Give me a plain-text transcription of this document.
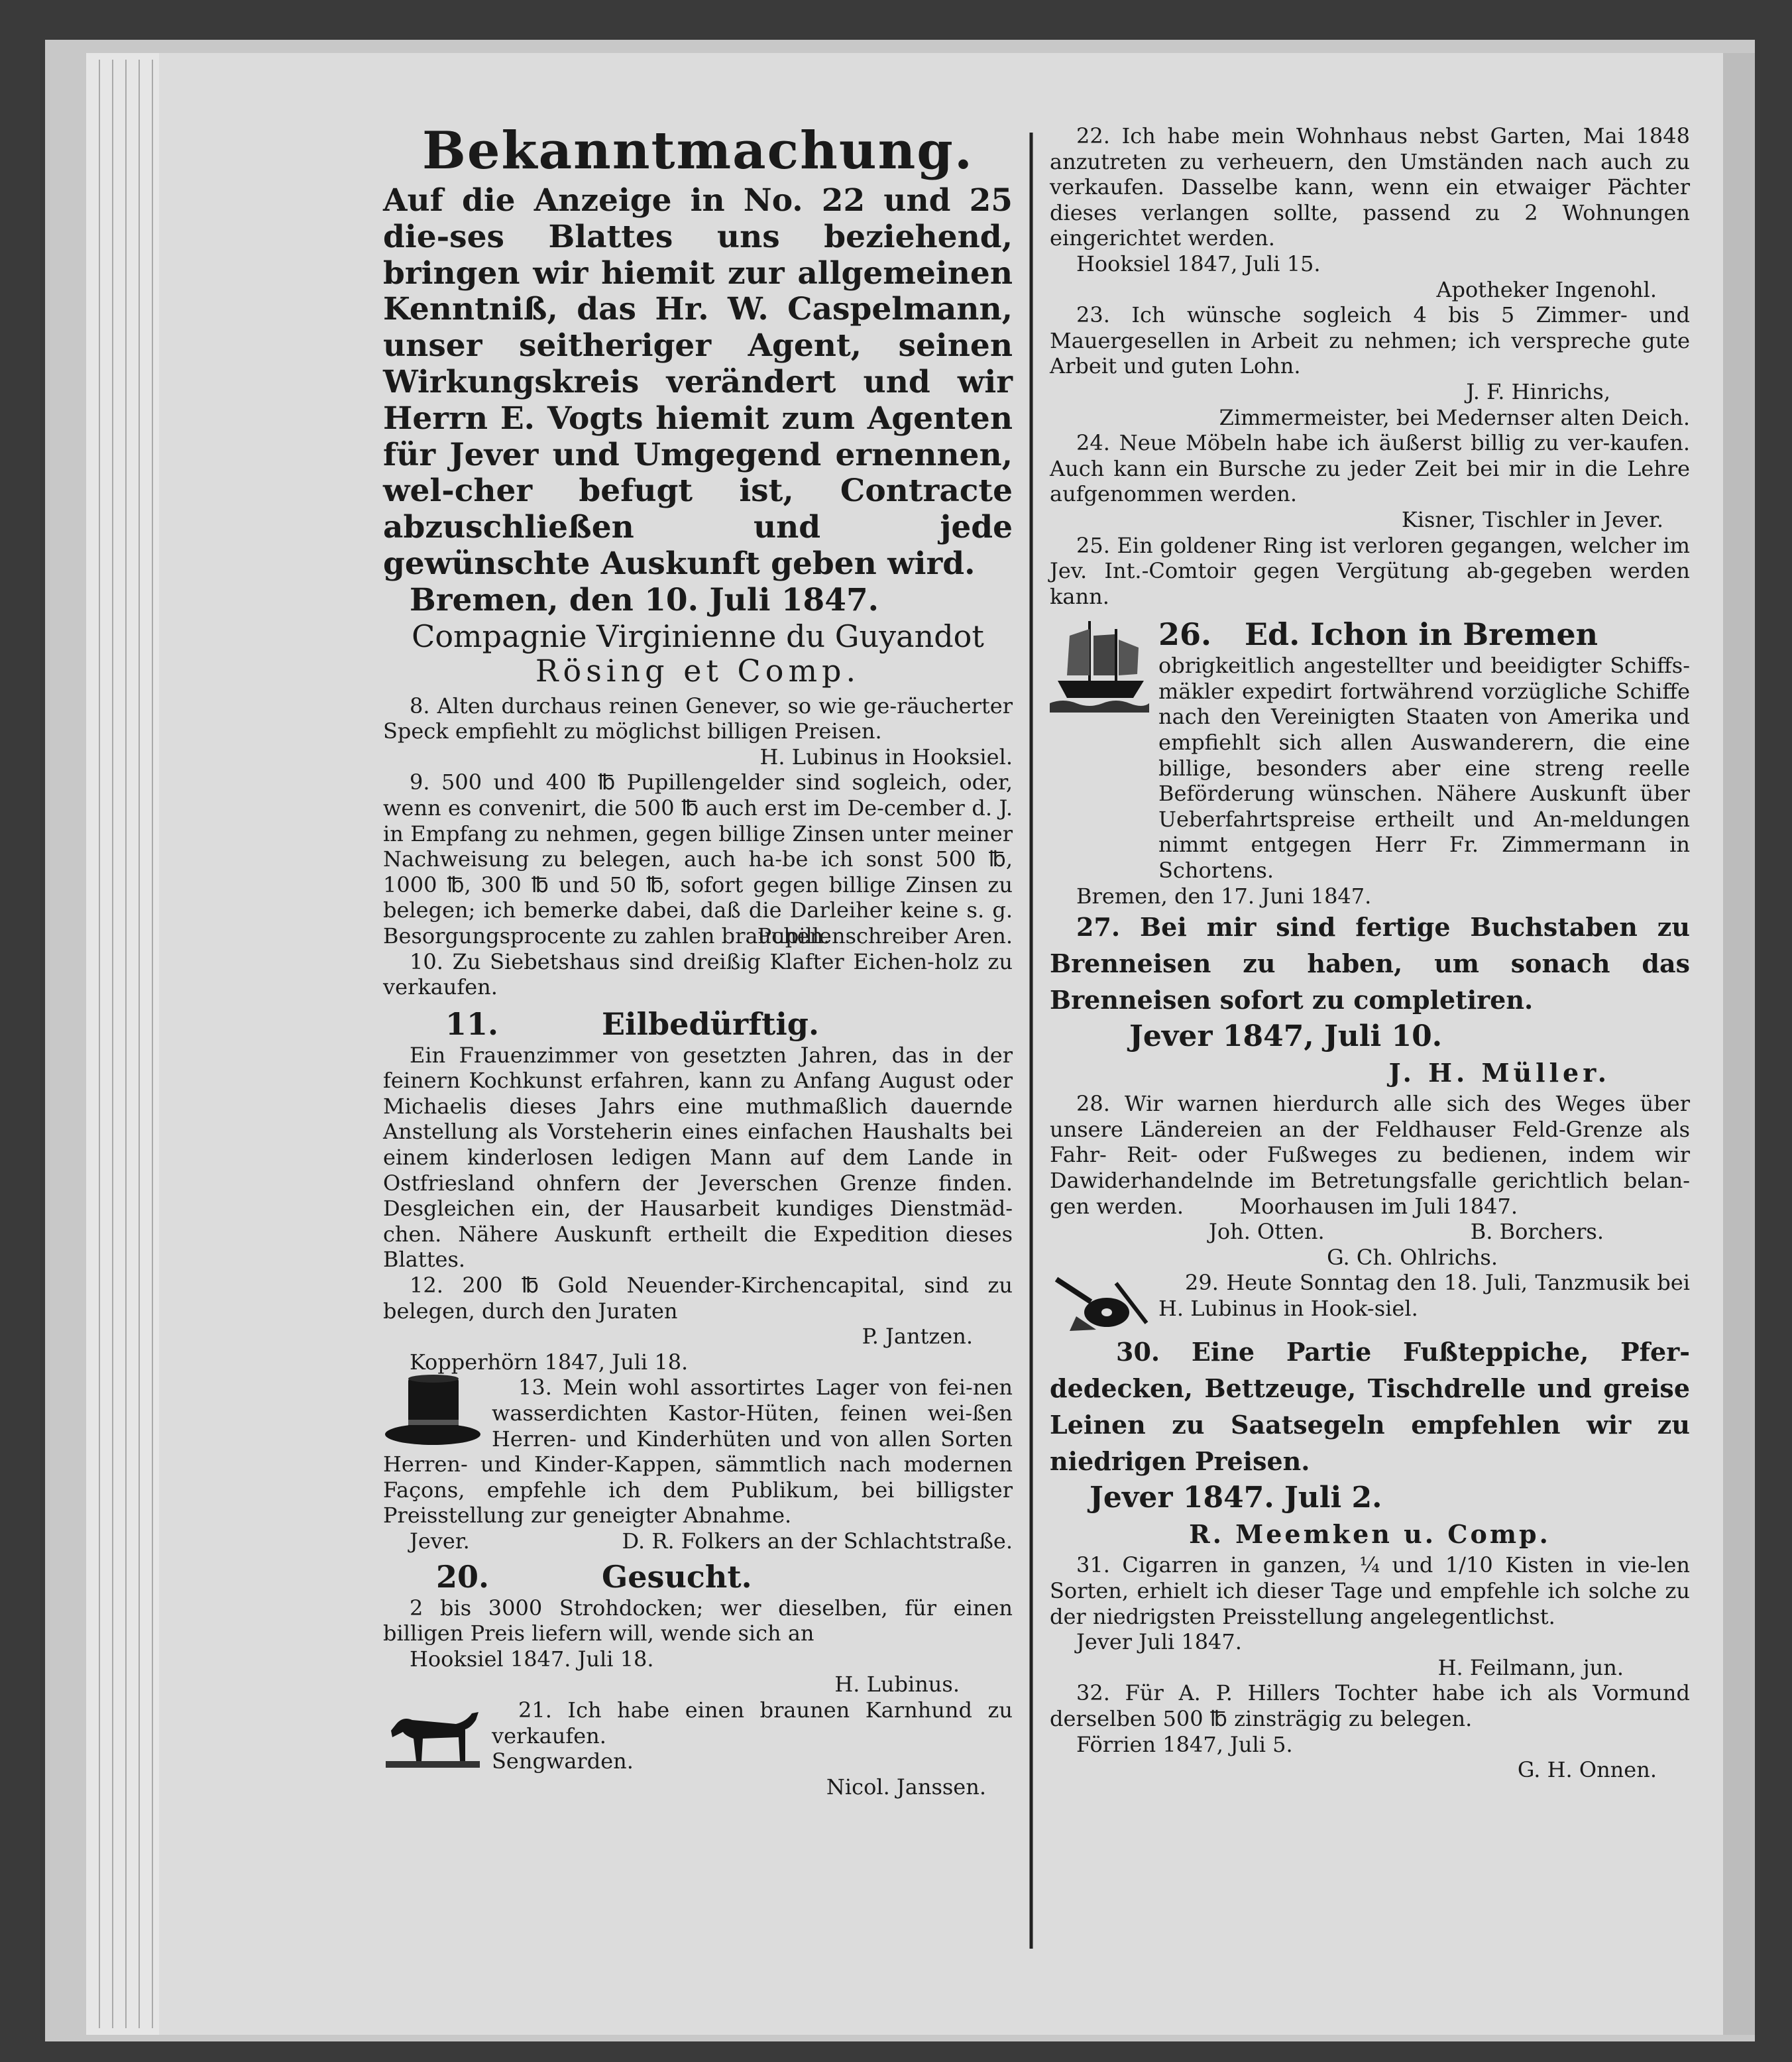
Bekanntmachung.

Auf die Anzeige in No. 22 und 25 die-ses Blattes uns beziehend, bringen wir hiemit zur allgemeinen Kenntniß, das Hr. W. Caspelmann, unser seitheriger Agent, seinen Wirkungskreis verändert und wir Herrn E. Vogts hiemit zum Agenten für Jever und Umgegend ernennen, wel-cher befugt ist, Contracte abzuschließen und jede gewünschte Auskunft geben wird.

Bremen, den 10. Juli 1847.

Compagnie Virginienne du Guyandot

Rösing et Comp.

8. Alten durchaus reinen Genever, so wie ge-räucherter Speck empfiehlt zu möglichst billigen Preisen.

H. Lubinus in Hooksiel.

9. 500 und 400 ℔ Pupillengelder sind sogleich, oder, wenn es convenirt, die 500 ℔ auch erst im De-cember d. J. in Empfang zu nehmen, gegen billige Zinsen unter meiner Nachweisung zu belegen, auch ha-be ich sonst 500 ℔, 1000 ℔, 300 ℔ und 50 ℔, sofort gegen billige Zinsen zu belegen; ich bemerke dabei, daß die Darleiher keine s. g. Besorgungsprocente zu zahlen brauchen.

Pupillenschreiber Aren.

10. Zu Siebetshaus sind dreißig Klafter Eichen-holz zu verkaufen.

11.	Eilbedürftig.

Ein Frauenzimmer von gesetzten Jahren, das in der feinern Kochkunst erfahren, kann zu Anfang August oder Michaelis dieses Jahrs eine muthmaßlich dauernde Anstellung als Vorsteherin eines einfachen Haushalts bei einem kinderlosen ledigen Mann auf dem Lande in Ostfriesland ohnfern der Jeverschen Grenze finden. Desgleichen ein, der Hausarbeit kundiges Dienstmäd-chen. Nähere Auskunft ertheilt die Expedition dieses Blattes.

12. 200 ℔ Gold Neuender-Kirchencapital, sind zu belegen, durch den Juraten

P. Jantzen.

Kopperhörn 1847, Juli 18.

13. Mein wohl assortirtes Lager von fei-nen wasserdichten Kastor-Hüten, feinen wei-ßen Herren- und Kinderhüten und von allen Sorten Herren- und Kinder-Kappen, sämmtlich nach modernen Façons, empfehle ich dem Publikum, bei billigster Preisstellung zur geneigter Abnahme.

Jever.	D. R. Folkers an der Schlachtstraße.
20.	Gesucht.

2 bis 3000 Strohdocken; wer dieselben, für einen billigen Preis liefern will, wende sich an

Hooksiel 1847. Juli 18.

H. Lubinus.

21. Ich habe einen braunen Karnhund zu verkaufen.

Sengwarden.

Nicol. Janssen.

22. Ich habe mein Wohnhaus nebst Garten, Mai 1848 anzutreten zu verheuern, den Umständen nach auch zu verkaufen. Dasselbe kann, wenn ein etwaiger Pächter dieses verlangen sollte, passend zu 2 Wohnungen eingerichtet werden.

Hooksiel 1847, Juli 15.

Apotheker Ingenohl.

23. Ich wünsche sogleich 4 bis 5 Zimmer- und Mauergesellen in Arbeit zu nehmen; ich verspreche gute Arbeit und guten Lohn.

J. F. Hinrichs,

Zimmermeister, bei Medernser alten Deich.

24. Neue Möbeln habe ich äußerst billig zu ver-kaufen. Auch kann ein Bursche zu jeder Zeit bei mir in die Lehre aufgenommen werden.

Kisner, Tischler in Jever.

25. Ein goldener Ring ist verloren gegangen, welcher im Jev. Int.-Comtoir gegen Vergütung ab-gegeben werden kann.

26. Ed. Ichon in Bremen

obrigkeitlich angestellter und beeidigter Schiffs-mäkler expedirt fortwährend vorzügliche Schiffe nach den Vereinigten Staaten von Amerika und empfiehlt sich allen Auswanderern, die eine billige, besonders aber eine streng reelle Beförderung wünschen. Nähere Auskunft über Ueberfahrtspreise ertheilt und An-meldungen nimmt entgegen Herr Fr. Zimmermann in Schortens.

Bremen, den 17. Juni 1847.

27. Bei mir sind fertige Buchstaben zu Brenneisen zu haben, um sonach das Brenneisen sofort zu completiren.

Jever 1847, Juli 10.

J. H. Müller.

28. Wir warnen hierdurch alle sich des Weges über unsere Ländereien an der Feldhauser Feld-Grenze als Fahr- Reit- oder Fußweges zu bedienen, indem wir Dawiderhandelnde im Betretungsfalle gerichtlich belan-gen werden.	Moorhausen im Juli 1847.

Joh. Otten.	B. Borchers.

G. Ch. Ohlrichs.

29. Heute Sonntag den 18. Juli, Tanzmusik bei H. Lubinus in Hook-siel.

30. Eine Partie Fußteppiche, Pfer-dedecken, Bettzeuge, Tischdrelle und greise Leinen zu Saatsegeln empfehlen wir zu niedrigen Preisen.

Jever 1847. Juli 2.

R. Meemken u. Comp.

31. Cigarren in ganzen, ¼ und 1/10 Kisten in vie-len Sorten, erhielt ich dieser Tage und empfehle ich solche zu der niedrigsten Preisstellung angelegentlichst.

Jever Juli 1847.

H. Feilmann, jun.

32. Für A. P. Hillers Tochter habe ich als Vormund derselben 500 ℔ zinsträgig zu belegen.

Förrien 1847, Juli 5.

G. H. Onnen.
